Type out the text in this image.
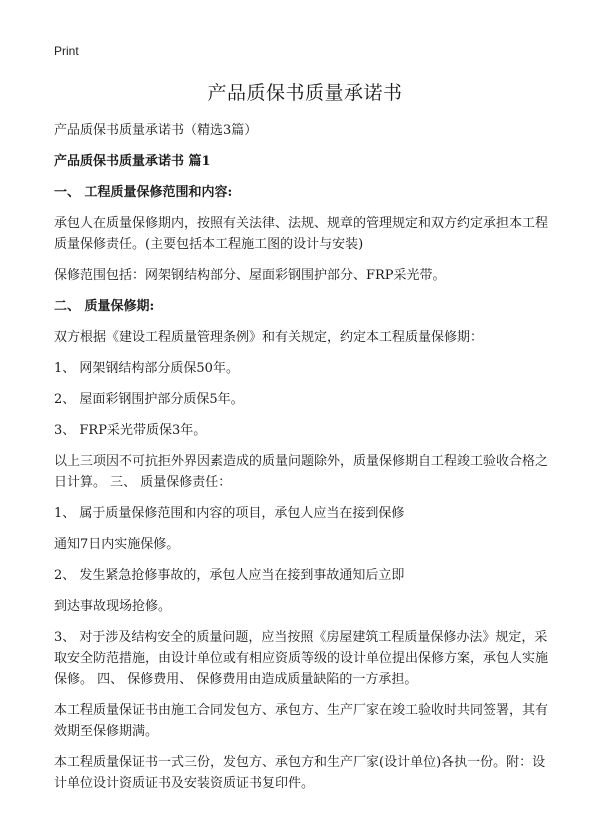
Print
产品质保书质量承诺书

产品质保书质量承诺书（精选3篇）

产品质保书质量承诺书 篇1

一、 工程质量保修范围和内容:

承包人在质量保修期内，按照有关法律、法规、规章的管理规定和双方约定承担本工程质量保修责任。(主要包括本工程施工图的设计与安装)

保修范围包括：网架钢结构部分、屋面彩钢围护部分、FRP采光带。

二、 质量保修期:

双方根据《建设工程质量管理条例》和有关规定，约定本工程质量保修期：

1、 网架钢结构部分质保50年。

2、 屋面彩钢围护部分质保5年。

3、 FRP采光带质保3年。

以上三项因不可抗拒外界因素造成的质量问题除外，质量保修期自工程竣工验收合格之日计算。 三、 质量保修责任：

1、 属于质量保修范围和内容的项目，承包人应当在接到保修

通知7日内实施保修。

2、 发生紧急抢修事故的，承包人应当在接到事故通知后立即

到达事故现场抢修。

3、 对于涉及结构安全的质量问题，应当按照《房屋建筑工程质量保修办法》规定，采取安全防范措施，由设计单位或有相应资质等级的设计单位提出保修方案，承包人实施保修。 四、 保修费用、 保修费用由造成质量缺陷的一方承担。

本工程质量保证书由施工合同发包方、承包方、生产厂家在竣工验收时共同签署，其有效期至保修期满。

本工程质量保证书一式三份，发包方、承包方和生产厂家(设计单位)各执一份。附：设计单位设计资质证书及安装资质证书复印件。
